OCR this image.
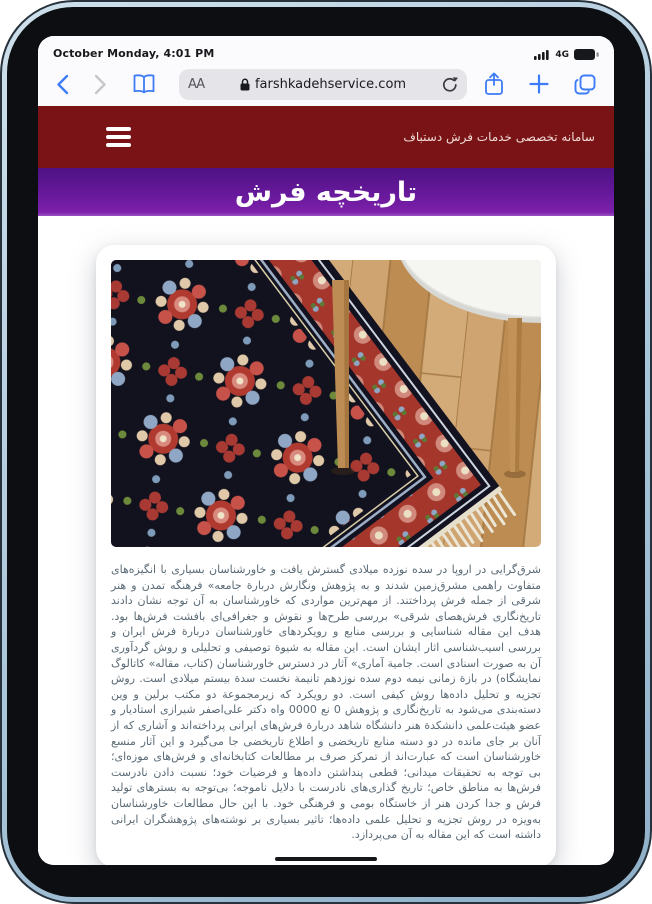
October Monday, 4:01 PM	4G
AA	farshkadehservice.com
سامانه تخصصی خدمات فرش دستباف
تاریخچه فرش

شرق‌گرایی در اروپا در سده نوزده میلادی گسترش یافت و خاورشناسان بسیاری با انگیزه‌های متفاوت راهمی مشرق‌زمین شدند و به پژوهش ونگارش دربارة جامعه» فرهنگه تمدن و هنر شرقی از جمله فرش پرداختند. از مهم‌ترین مواردی که خاورشناسان به آن توجه نشان دادند تاریخ‌نگاری فرش‌هصای شرقی» بررسی طرح‌ها و نقوش و جغرافی‌ای بافشت فرش‌ها بود. هدف این مقاله شناسایی و بررسی منابع و رویکردهای خاورشناسان دربارة فرش ایران و بررسی اسیب‌شناسی اثار ایشان است. این مقاله به شیوة توصیفی و تحلیلی و روش گردآوری آن به صورت اسنادی است. جامیة آماری» آثار در دسترس خاورشناسان (کتاب، مقاله» کاتالوگ نمایشگاه) در بازة زمانی نیمه دوم سده نوزدهم تانیمة نخست سدة بیستم میلادی است. روش تجزیه و تحلیل داده‌ها روش کیفی است. دو رویکرد که زیرمجموعة دو مکتب برلین و وین دسته‌بندی می‌شود به تاریخ‌نگاری و پژوهش 0 نع 0000 واه دکتر علی‌اصفر شیرازی استادیار و عضو هیئت‌علمی دانشکدة هنر دانشگاه شاهد دربارة فرش‌های ایرانی پرداخته‌اند و آشاری که از آنان بر جای مانده در دو دسته منابع تاریخضی و اطلاع تاریخضی جا می‌گیرد و این آثار منسع خاورشناسان است که عبارت‌اند از تمرکز صرف بر مطالعات کتابخانه‌ای و فرش‌های موزه‌ای؛ بی توجه به تحقیقات میدانی؛ قطعی پنداشتن داده‌ها و فرضیات خود؛ نسبت دادن نادرست فرش‌ها به مناطق خاص؛ تاریخ گذاری‌های نادرست با دلایل ناموجه؛ بی‌توجه به بسترهای تولید فرش و جدا کردن هنر از خاستگاه بومی و فرهنگی خود. با این حال مطالعات خاورشناسان به‌ویزه در روش تجزیه و تحلیل علمی داده‌ها؛ تاثیر بسیاری بر نوشته‌های پژوهشگران ایرانی داشته است که این مقاله به آن می‌پردازد.
